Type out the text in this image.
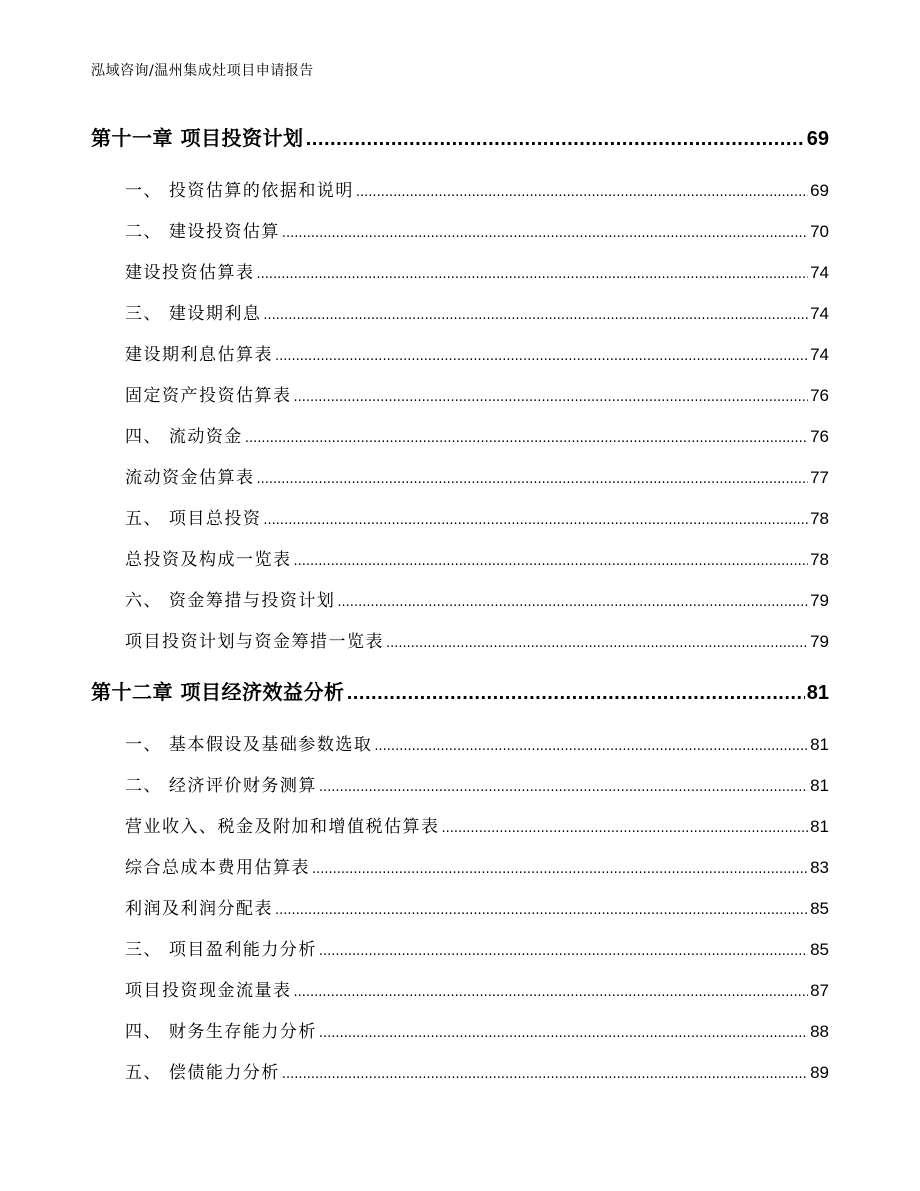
泓域咨询/温州集成灶项目申请报告
第十一章 项目投资计划 .....	69
一、 投资估算的依据和说明 .....	69
二、 建设投资估算 .....	70
建设投资估算表 .....	74
三、 建设期利息 .....	74
建设期利息估算表 .....	74
固定资产投资估算表 .....	76
四、 流动资金 .....	76
流动资金估算表 .....	77
五、 项目总投资 .....	78
总投资及构成一览表 .....	78
六、 资金筹措与投资计划 .....	79
项目投资计划与资金筹措一览表 .....	79
第十二章 项目经济效益分析 .....	81
一、 基本假设及基础参数选取 .....	81
二、 经济评价财务测算 .....	81
营业收入、税金及附加和增值税估算表 .....	81
综合总成本费用估算表 .....	83
利润及利润分配表 .....	85
三、 项目盈利能力分析 .....	85
项目投资现金流量表 .....	87
四、 财务生存能力分析 .....	88
五、 偿债能力分析 .....	89
